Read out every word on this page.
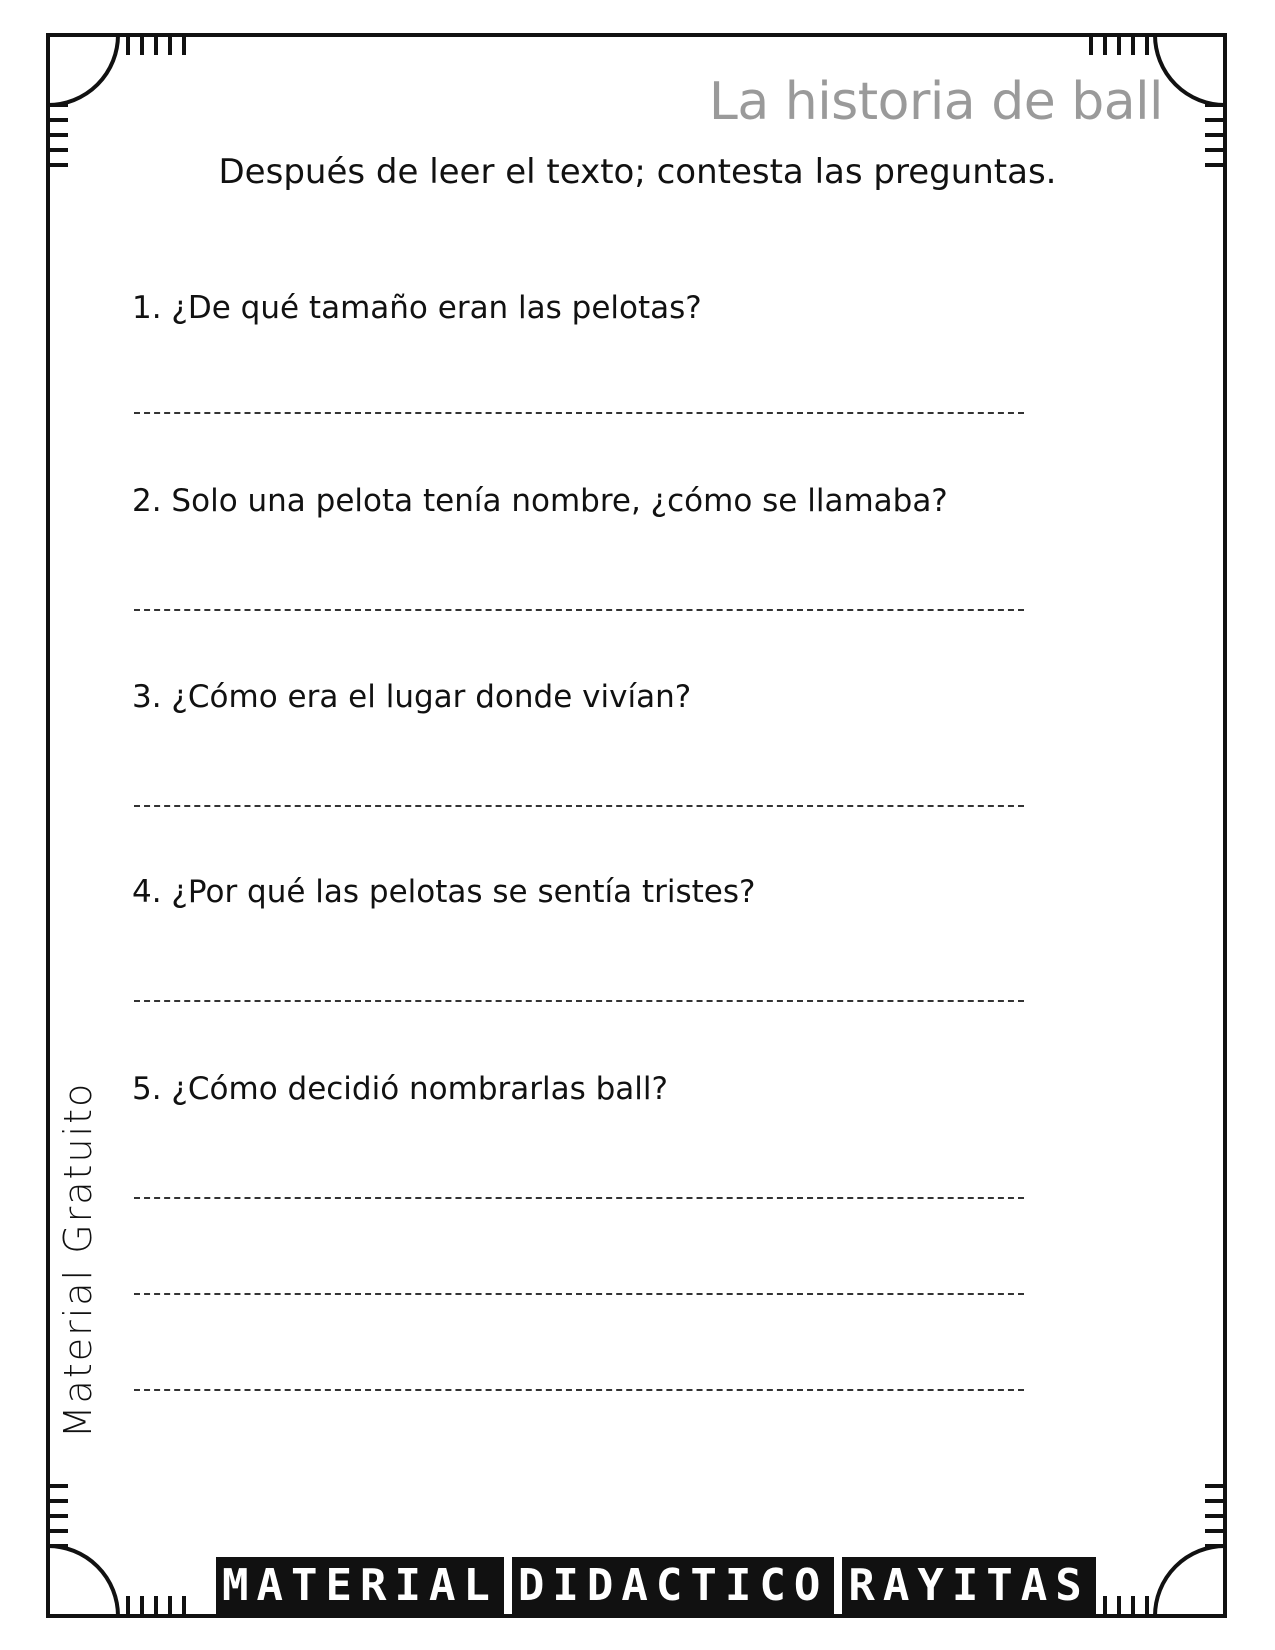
La historia de ball
Después de leer el texto; contesta las preguntas.
1. ¿De qué tamaño eran las pelotas?
2. Solo una pelota tenía nombre, ¿cómo se llamaba?
3. ¿Cómo era el lugar donde vivían?
4. ¿Por qué las pelotas se sentía tristes?
5. ¿Cómo decidió nombrarlas ball?
Material Gratuito
MATERIAL DIDACTICO RAYITAS
